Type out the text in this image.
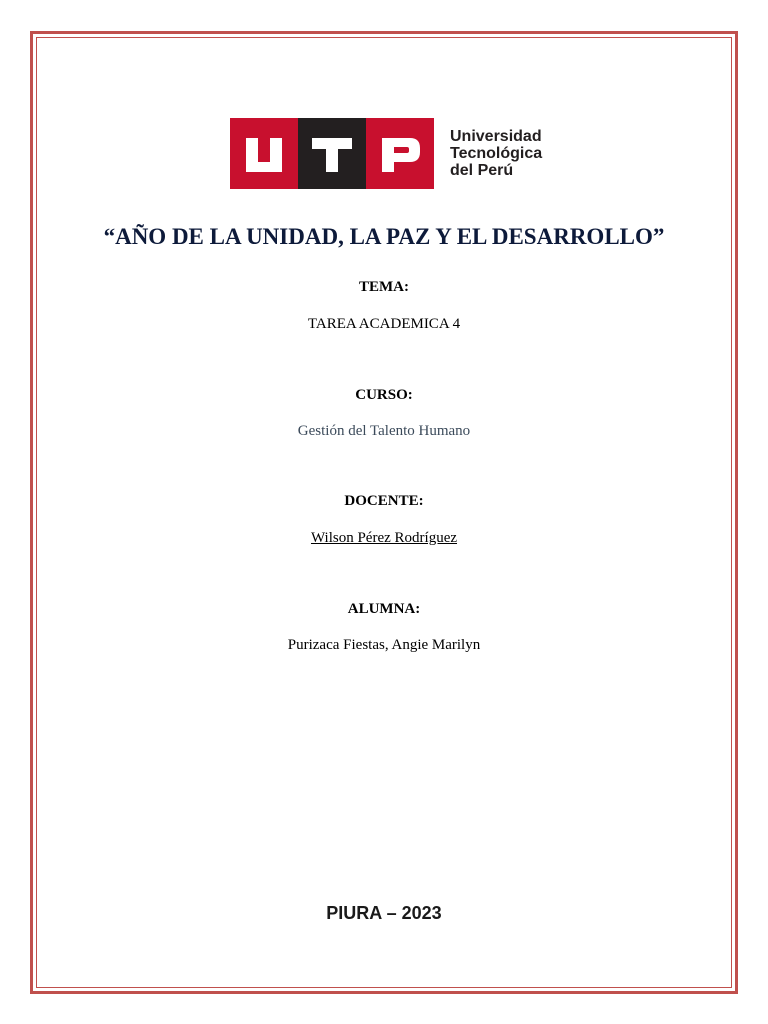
Universidad
Tecnológica
del Perú
“AÑO DE LA UNIDAD, LA PAZ Y EL DESARROLLO”
TEMA:
TAREA ACADEMICA 4
CURSO:
Gestión del Talento Humano
DOCENTE:
Wilson Pérez Rodríguez
ALUMNA:
Purizaca Fiestas, Angie Marilyn
PIURA – 2023
